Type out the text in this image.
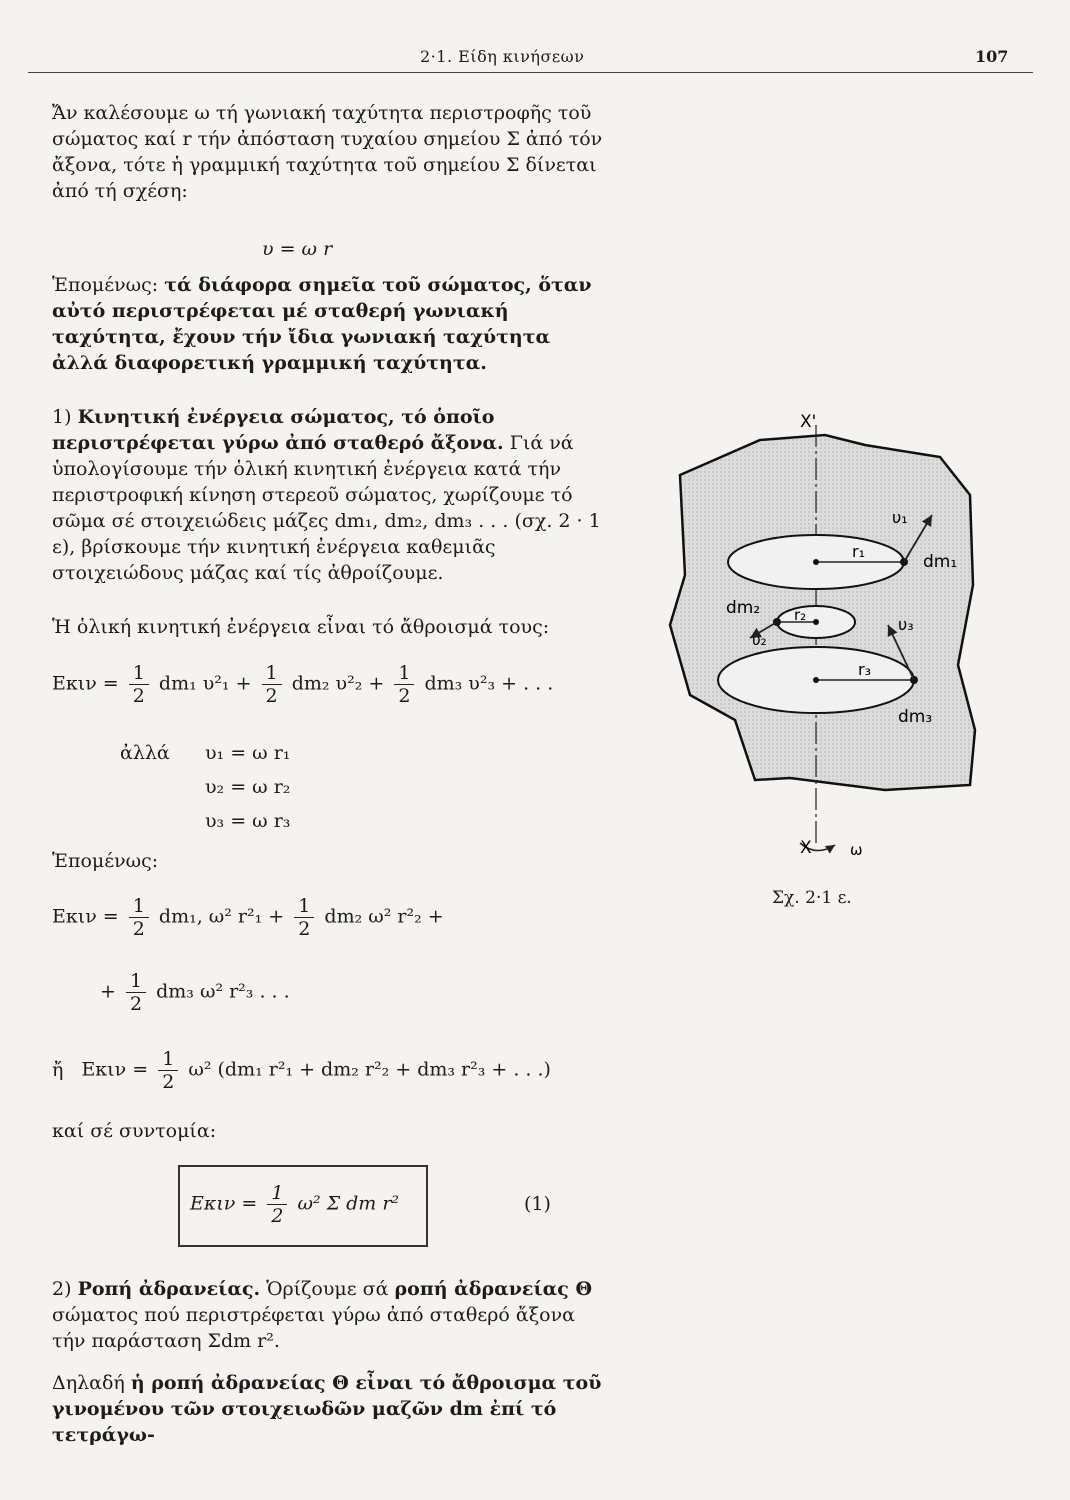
2·1. Είδη κινήσεων	107
Ἄν καλέσουμε ω τή γωνιακή ταχύτητα περιστροφῆς τοῦ σώματος καί r τήν ἀπόσταση τυχαίου σημείου Σ ἀπό τόν ἄξονα, τότε ἡ γραμμική ταχύτητα τοῦ σημείου Σ δίνεται ἀπό τή σχέση:
υ = ω r
Ἑπομένως: τά διάφορα σημεῖα τοῦ σώματος, ὅταν αὐτό περιστρέφεται μέ σταθερή γωνιακή ταχύτητα, ἔχουν τήν ἴδια γωνιακή ταχύτητα ἀλλά διαφορετική γραμμική ταχύτητα.
1) Κινητική ἐνέργεια σώματος, τό ὁποῖο περιστρέφεται γύρω ἀπό σταθερό ἄξονα. Γιά νά ὑπολογίσουμε τήν ὁλική κινητική ἐνέργεια κατά τήν περιστροφική κίνηση στερεοῦ σώματος, χωρίζουμε τό σῶμα σέ στοιχειώδεις μάζες dm₁, dm₂, dm₃ . . . (σχ. 2 · 1 ε), βρίσκουμε τήν κινητική ἐνέργεια καθεμιᾶς στοιχειώδους μάζας καί τίς ἀθροίζουμε.
Ἡ ὁλική κινητική ἐνέργεια εἶναι τό ἄθροισμά τους:
$E\kappa\iota\nu = \frac{1}{2} dm_1$ $\upsilon^2_1 + \frac{1}{2} dm_2$ $\upsilon^2_2 + \frac{1}{2} dm_3$ υ²₃ + . . .
ἀλλά υ₁ = ω r₁
υ₂ = ω r₂
υ₃ = ω r₃
Ἑπομένως:
$E\kappa\iota\nu = \frac{1}{2} dm_1$, ω² $r^2_1 + \frac{1}{2} dm_2$ ω² r²₂ +
+ $\frac{1}{2} dm_3$ ω² r²₃ . . .
ἤ $E\kappa\iota\nu = \frac{1}{2} \omega^2$ (dm₁ r²₁ + dm₂ r²₂ + dm₃ r²₃ + . . .)
καί σέ συντομία:
$E\kappa\iota\nu = \frac{1}{2} \omega^2$ Σ dm r²	(1)
2) Ροπή ἀδρανείας. Ὁρίζουμε σά ροπή ἀδρανείας Θ σώματος πού περιστρέφεται γύρω ἀπό σταθερό ἄξονα τήν παράσταση Σdm r².
Δηλαδή ἡ ροπή ἀδρανείας Θ εἶναι τό ἄθροισμα τοῦ γινομένου τῶν στοιχειωδῶν μαζῶν dm ἐπί τό τετράγω-
X'
X	ω
υ₁
υ₂
υ₃
r₁
r₂
r₃
dm₁
dm₂
dm₃
Σχ. 2·1 ε.
